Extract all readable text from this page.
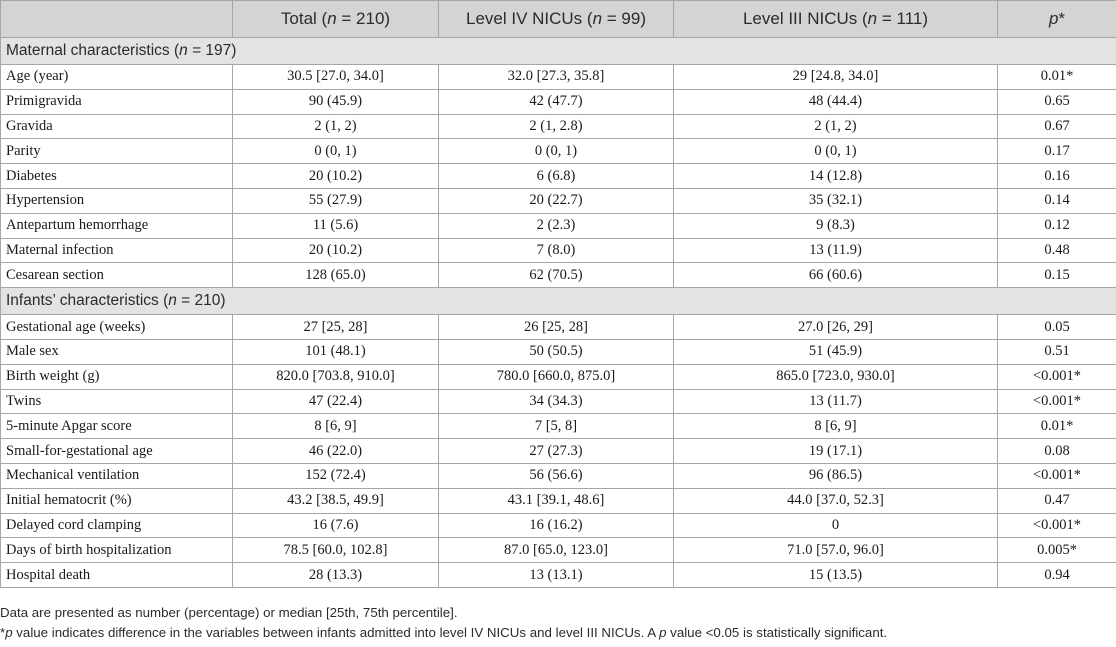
	Total (n = 210)	Level IV NICUs (n = 99)	Level III NICUs (n = 111)	p*
Maternal characteristics (n = 197)				
Age (year)	30.5 [27.0, 34.0]	32.0 [27.3, 35.8]	29 [24.8, 34.0]	0.01*
Primigravida	90 (45.9)	42 (47.7)	48 (44.4)	0.65
Gravida	2 (1, 2)	2 (1, 2.8)	2 (1, 2)	0.67
Parity	0 (0, 1)	0 (0, 1)	0 (0, 1)	0.17
Diabetes	20 (10.2)	6 (6.8)	14 (12.8)	0.16
Hypertension	55 (27.9)	20 (22.7)	35 (32.1)	0.14
Antepartum hemorrhage	11 (5.6)	2 (2.3)	9 (8.3)	0.12
Maternal infection	20 (10.2)	7 (8.0)	13 (11.9)	0.48
Cesarean section	128 (65.0)	62 (70.5)	66 (60.6)	0.15
Infants’ characteristics (n = 210)				
Gestational age (weeks)	27 [25, 28]	26 [25, 28]	27.0 [26, 29]	0.05
Male sex	101 (48.1)	50 (50.5)	51 (45.9)	0.51
Birth weight (g)	820.0 [703.8, 910.0]	780.0 [660.0, 875.0]	865.0 [723.0, 930.0]	<0.001*
Twins	47 (22.4)	34 (34.3)	13 (11.7)	<0.001*
5-minute Apgar score	8 [6, 9]	7 [5, 8]	8 [6, 9]	0.01*
Small-for-gestational age	46 (22.0)	27 (27.3)	19 (17.1)	0.08
Mechanical ventilation	152 (72.4)	56 (56.6)	96 (86.5)	<0.001*
Initial hematocrit (%)	43.2 [38.5, 49.9]	43.1 [39.1, 48.6]	44.0 [37.0, 52.3]	0.47
Delayed cord clamping	16 (7.6)	16 (16.2)	0	<0.001*
Days of birth hospitalization	78.5 [60.0, 102.8]	87.0 [65.0, 123.0]	71.0 [57.0, 96.0]	0.005*
Hospital death	28 (13.3)	13 (13.1)	15 (13.5)	0.94
Data are presented as number (percentage) or median [25th, 75th percentile].
*p value indicates difference in the variables between infants admitted into level IV NICUs and level III NICUs. A p value <0.05 is statistically significant.
